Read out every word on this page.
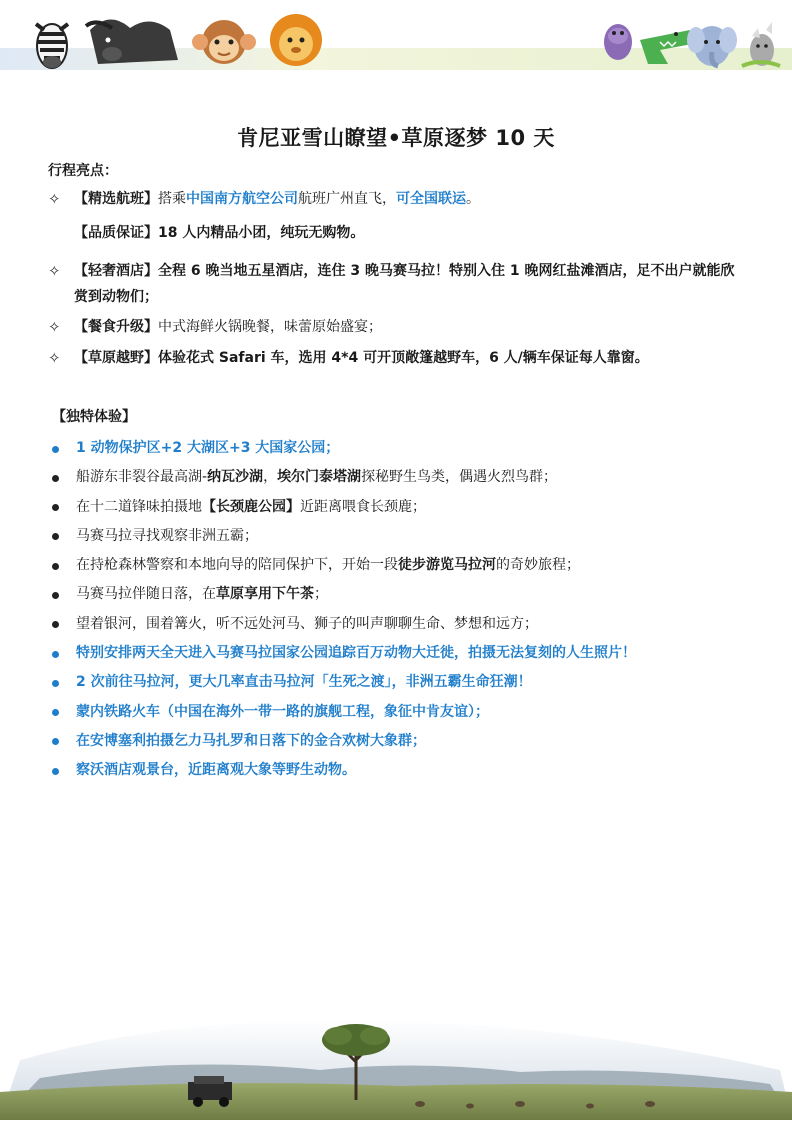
肯尼亚雪山瞭望•草原逐梦 10 天
行程亮点：
✧ 【精选航班】搭乘中国南方航空公司航班广州直飞，可全国联运。
【品质保证】18 人内精品小团，纯玩无购物。
✧ 【轻奢酒店】全程 6 晚当地五星酒店，连住 3 晚马赛马拉！特别入住 1 晚网红盐滩酒店，足不出户就能欣赏到动物们；
✧ 【餐食升级】中式海鲜火锅晚餐，味蕾原始盛宴；
✧ 【草原越野】体验花式 Safari 车，选用 4*4 可开顶敞篷越野车，6 人/辆车保证每人靠窗。
【独特体验】
1 动物保护区+2 大湖区+3 大国家公园；
船游东非裂谷最高湖-纳瓦沙湖，埃尔门泰塔湖探秘野生鸟类，偶遇火烈鸟群；
在十二道锋味拍摄地【长颈鹿公园】近距离喂食长颈鹿；
马赛马拉寻找观察非洲五霸；
在持枪森林警察和本地向导的陪同保护下，开始一段徒步游览马拉河的奇妙旅程；
马赛马拉伴随日落，在草原享用下午茶；
望着银河，围着篝火，听不远处河马、狮子的叫声聊聊生命、梦想和远方；
特别安排两天全天进入马赛马拉国家公园追踪百万动物大迁徙，拍摄无法复刻的人生照片！
2 次前往马拉河，更大几率直击马拉河「生死之渡」，非洲五霸生命狂潮！
蒙内铁路火车（中国在海外一带一路的旗舰工程，象征中肯友谊）；
在安博塞利拍摄乞力马扎罗和日落下的金合欢树大象群；
察沃酒店观景台，近距离观大象等野生动物。
